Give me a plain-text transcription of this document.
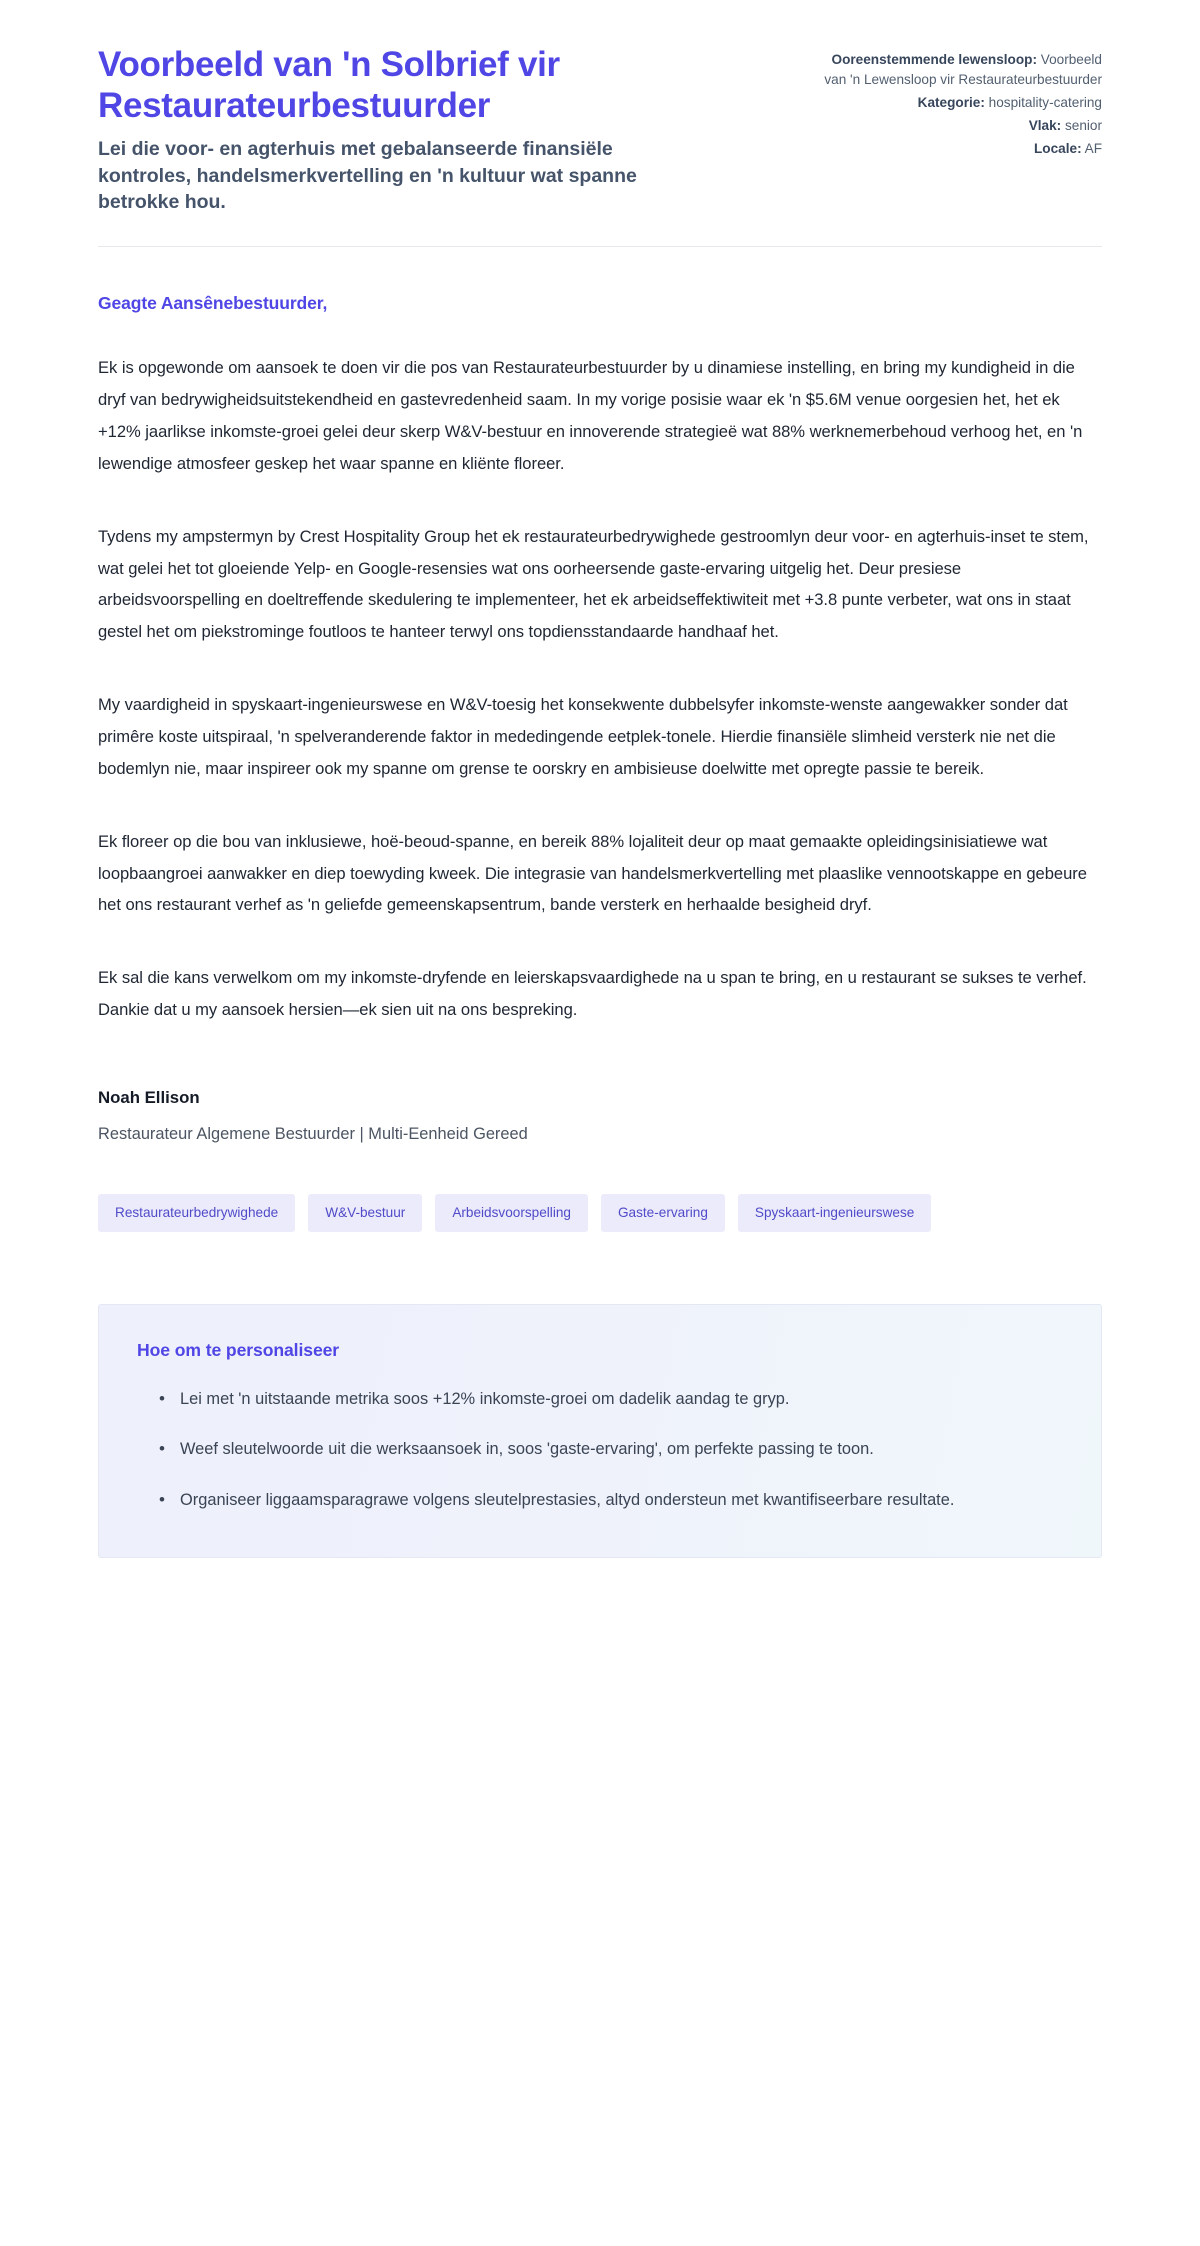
Voorbeeld van 'n Solbrief vir Restaurateurbestuurder

Lei die voor- en agterhuis met gebalanseerde finansiële kontroles, handelsmerkvertelling en 'n kultuur wat spanne betrokke hou.

Ooreenstemmende lewensloop: Voorbeeld van 'n Lewensloop vir Restaurateurbestuurder
Kategorie: hospitality-catering
Vlak: senior
Locale: AF

Geagte Aansênebestuurder,

Ek is opgewonde om aansoek te doen vir die pos van Restaurateurbestuurder by u dinamiese instelling, en bring my kundigheid in die dryf van bedrywigheidsuitstekendheid en gastevredenheid saam. In my vorige posisie waar ek 'n $5.6M venue oorgesien het, het ek +12% jaarlikse inkomste-groei gelei deur skerp W&V-bestuur en innoverende strategieë wat 88% werknemerbehoud verhoog het, en 'n lewendige atmosfeer geskep het waar spanne en kliënte floreer.

Tydens my ampstermyn by Crest Hospitality Group het ek restaurateurbedrywighede gestroomlyn deur voor- en agterhuis-inset te stem, wat gelei het tot gloeiende Yelp- en Google-resensies wat ons oorheersende gaste-ervaring uitgelig het. Deur presiese arbeidsvoorspelling en doeltreffende skedulering te implementeer, het ek arbeidseffektiwiteit met +3.8 punte verbeter, wat ons in staat gestel het om piekstrominge foutloos te hanteer terwyl ons topdiensstandaarde handhaaf het.

My vaardigheid in spyskaart-ingenieurswese en W&V-toesig het konsekwente dubbelsyfer inkomste-wenste aangewakker sonder dat primêre koste uitspiraal, 'n spelveranderende faktor in mededingende eetplek-tonele. Hierdie finansiële slimheid versterk nie net die bodemlyn nie, maar inspireer ook my spanne om grense te oorskry en ambisieuse doelwitte met opregte passie te bereik.

Ek floreer op die bou van inklusiewe, hoë-beoud-spanne, en bereik 88% lojaliteit deur op maat gemaakte opleidingsinisiatiewe wat loopbaangroei aanwakker en diep toewyding kweek. Die integrasie van handelsmerkvertelling met plaaslike vennootskappe en gebeure het ons restaurant verhef as 'n geliefde gemeenskapsentrum, bande versterk en herhaalde besigheid dryf.

Ek sal die kans verwelkom om my inkomste-dryfende en leierskapsvaardighede na u span te bring, en u restaurant se sukses te verhef. Dankie dat u my aansoek hersien—ek sien uit na ons bespreking.

Noah Ellison

Restaurateur Algemene Bestuurder | Multi-Eenheid Gereed

Restaurateurbedrywighede	W&V-bestuur	Arbeidsvoorspelling	Gaste-ervaring	Spyskaart-ingenieurswese
Hoe om te personaliseer
• Lei met 'n uitstaande metrika soos +12% inkomste-groei om dadelik aandag te gryp.
• Weef sleutelwoorde uit die werksaansoek in, soos 'gaste-ervaring', om perfekte passing te toon.
• Organiseer liggaamsparagrawe volgens sleutelprestasies, altyd ondersteun met kwantifiseerbare resultate.
